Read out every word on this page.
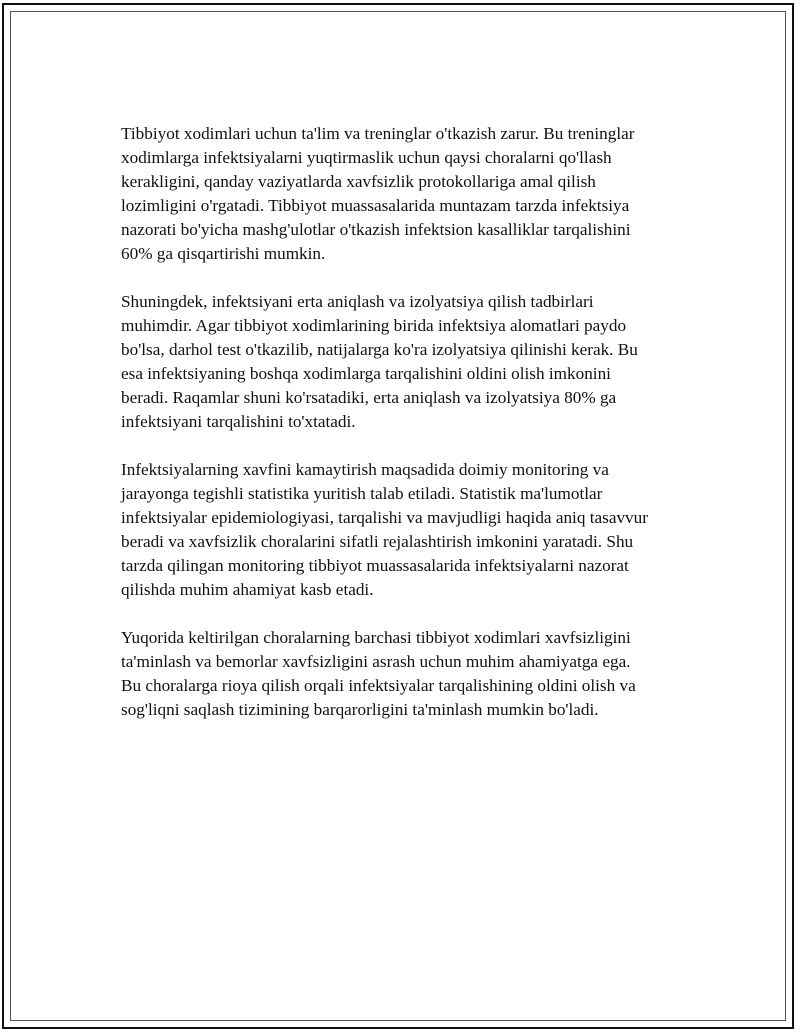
Tibbiyot xodimlari uchun ta'lim va treninglar o'tkazish zarur. Bu treninglar
xodimlarga infektsiyalarni yuqtirmaslik uchun qaysi choralarni qo'llash
kerakligini, qanday vaziyatlarda xavfsizlik protokollariga amal qilish
lozimligini o'rgatadi. Tibbiyot muassasalarida muntazam tarzda infektsiya
nazorati bo'yicha mashg'ulotlar o'tkazish infektsion kasalliklar tarqalishini
60% ga qisqartirishi mumkin.

Shuningdek, infektsiyani erta aniqlash va izolyatsiya qilish tadbirlari
muhimdir. Agar tibbiyot xodimlarining birida infektsiya alomatlari paydo
bo'lsa, darhol test o'tkazilib, natijalarga ko'ra izolyatsiya qilinishi kerak. Bu
esa infektsiyaning boshqa xodimlarga tarqalishini oldini olish imkonini
beradi. Raqamlar shuni ko'rsatadiki, erta aniqlash va izolyatsiya 80% ga
infektsiyani tarqalishini to'xtatadi.

Infektsiyalarning xavfini kamaytirish maqsadida doimiy monitoring va
jarayonga tegishli statistika yuritish talab etiladi. Statistik ma'lumotlar
infektsiyalar epidemiologiyasi, tarqalishi va mavjudligi haqida aniq tasavvur
beradi va xavfsizlik choralarini sifatli rejalashtirish imkonini yaratadi. Shu
tarzda qilingan monitoring tibbiyot muassasalarida infektsiyalarni nazorat
qilishda muhim ahamiyat kasb etadi.

Yuqorida keltirilgan choralarning barchasi tibbiyot xodimlari xavfsizligini
ta'minlash va bemorlar xavfsizligini asrash uchun muhim ahamiyatga ega.
Bu choralarga rioya qilish orqali infektsiyalar tarqalishining oldini olish va
sog'liqni saqlash tizimining barqarorligini ta'minlash mumkin bo'ladi.
